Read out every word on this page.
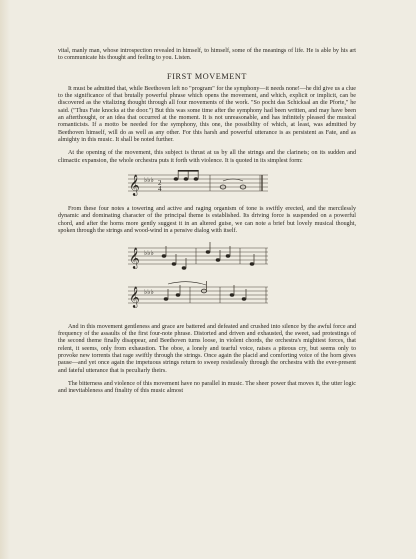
vital, manly man, whose introspection revealed in himself, to himself, some of the meanings of life. He is able by his art to communicate his thought and feeling to you. Listen.

FIRST MOVEMENT

It must be admitted that, while Beethoven left no "program" for the symphony—it needs none!—he did give us a clue to the significance of that brutally powerful phrase which opens the movement, and which, explicit or implicit, can be discovered as the vitalizing thought through all four movements of the work. "So pocht das Schicksal an die Pforte," he said. ("Thus Fate knocks at the door.") But this was some time after the symphony had been written, and may have been an afterthought, or an idea that occurred at the moment. It is not unreasonable, and has infinitely pleased the musical romanticists. If a motto be needed for the symphony, this one, the possibility of which, at least, was admitted by Beethoven himself, will do as well as any other. For this harsh and powerful utterance is as persistent as Fate, and as almighty in this music. It shall be noted further.

At the opening of the movement, this subject is thrust at us by all the strings and the clarinets; on its sudden and climactic expansion, the whole orchestra puts it forth with violence. It is quoted in its simplest form:

𝄞 ♭♭♭ 2
4

From these four notes a towering and active and raging organism of tone is swiftly erected, and the mercilessly dynamic and dominating character of the principal theme is established. Its driving force is suspended on a powerful chord, and after the horns more gently suggest it in an altered guise, we can note a brief but lovely musical thought, spoken through the strings and wood-wind in a pensive dialog with itself.

𝄞 ♭♭♭
𝄞 ♭♭♭

And in this movement gentleness and grace are battered and defeated and crushed into silence by the awful force and frequency of the assaults of the first four-note phrase. Distorted and driven and exhausted, the sweet, sad protestings of the second theme finally disappear, and Beethoven turns loose, in violent chords, the orchestra's mightiest forces, that relent, it seems, only from exhaustion. The oboe, a lonely and tearful voice, raises a piteous cry, but seems only to provoke new torrents that rage swiftly through the strings. Once again the placid and comforting voice of the horn gives pause—and yet once again the impetuous strings return to sweep resistlessly through the orchestra with the ever-present and fateful utterance that is peculiarly theirs.

The bitterness and violence of this movement have no parallel in music. The sheer power that moves it, the utter logic and inevitableness and finality of this music almost
